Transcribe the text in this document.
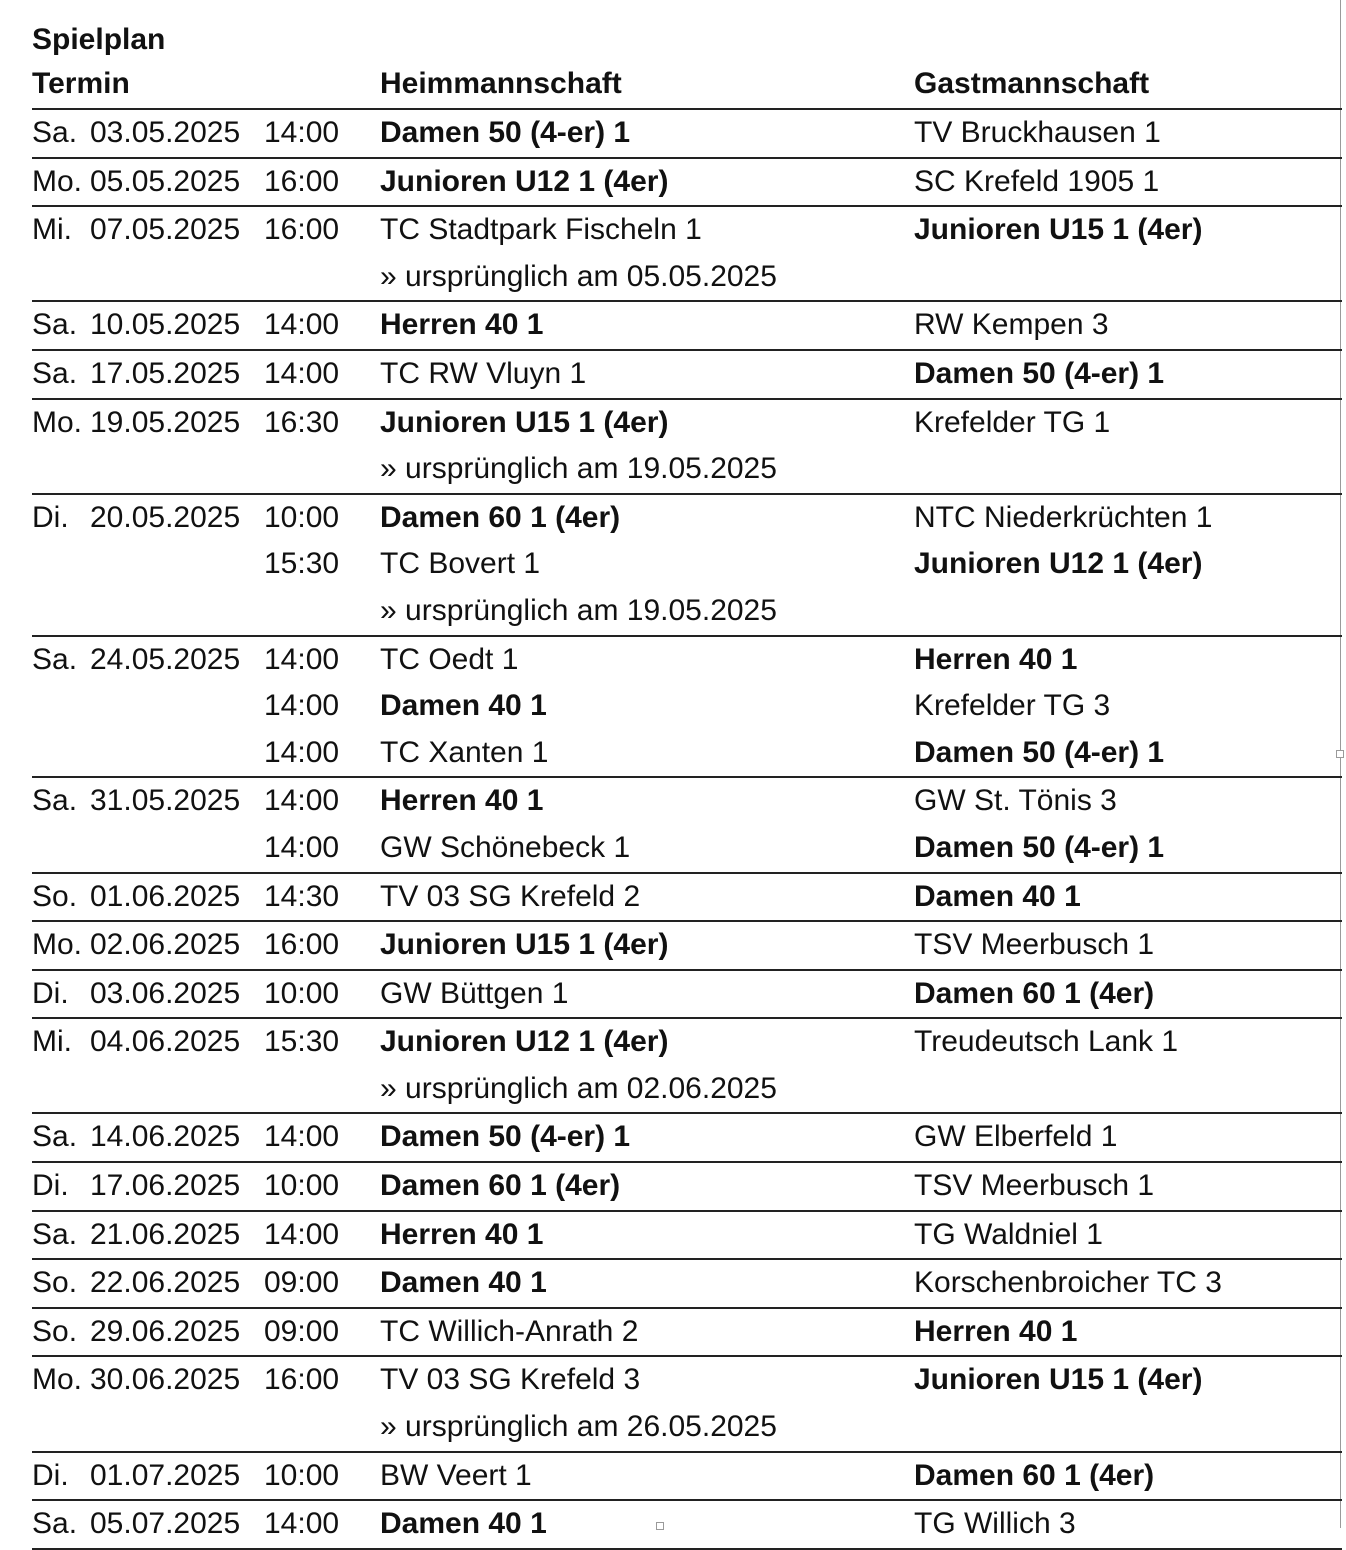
Spielplan
Termin	Heimmannschaft	Gastmannschaft
Sa. 03.05.2025 14:00 Damen 50 (4-er) 1	TV Bruckhausen 1
Mo. 05.05.2025 16:00 Junioren U12 1 (4er)	SC Krefeld 1905 1
Mi. 07.05.2025 16:00 TC Stadtpark Fischeln 1	Junioren U15 1 (4er)
» ursprünglich am 05.05.2025
Sa. 10.05.2025 14:00 Herren 40 1	RW Kempen 3
Sa. 17.05.2025 14:00 TC RW Vluyn 1	Damen 50 (4-er) 1
Mo. 19.05.2025 16:30 Junioren U15 1 (4er)	Krefelder TG 1
» ursprünglich am 19.05.2025
Di. 20.05.2025 10:00 Damen 60 1 (4er)	NTC Niederkrüchten 1
15:30 TC Bovert 1	Junioren U12 1 (4er)
» ursprünglich am 19.05.2025
Sa. 24.05.2025 14:00 TC Oedt 1	Herren 40 1
14:00 Damen 40 1	Krefelder TG 3
14:00 TC Xanten 1	Damen 50 (4-er) 1
Sa. 31.05.2025 14:00 Herren 40 1	GW St. Tönis 3
14:00 GW Schönebeck 1	Damen 50 (4-er) 1
So. 01.06.2025 14:30 TV 03 SG Krefeld 2	Damen 40 1
Mo. 02.06.2025 16:00 Junioren U15 1 (4er)	TSV Meerbusch 1
Di. 03.06.2025 10:00 GW Büttgen 1	Damen 60 1 (4er)
Mi. 04.06.2025 15:30 Junioren U12 1 (4er)	Treudeutsch Lank 1
» ursprünglich am 02.06.2025
Sa. 14.06.2025 14:00 Damen 50 (4-er) 1	GW Elberfeld 1
Di. 17.06.2025 10:00 Damen 60 1 (4er)	TSV Meerbusch 1
Sa. 21.06.2025 14:00 Herren 40 1	TG Waldniel 1
So. 22.06.2025 09:00 Damen 40 1	Korschenbroicher TC 3
So. 29.06.2025 09:00 TC Willich-Anrath 2	Herren 40 1
Mo. 30.06.2025 16:00 TV 03 SG Krefeld 3	Junioren U15 1 (4er)
» ursprünglich am 26.05.2025
Di. 01.07.2025 10:00 BW Veert 1	Damen 60 1 (4er)
Sa. 05.07.2025 14:00 Damen 40 1	TG Willich 3
